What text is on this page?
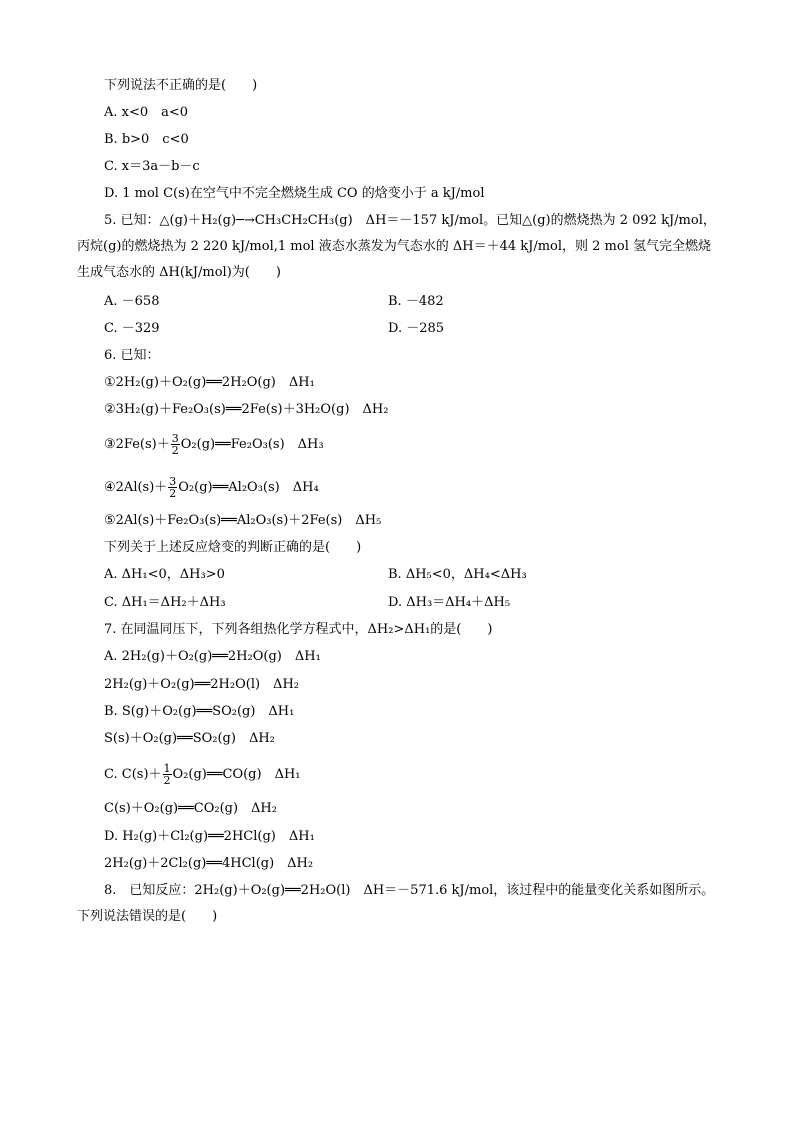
下列说法不正确的是(　　)
A. x<0　a<0
B. b>0　c<0
C. x＝3a－b－c
D. 1 mol C(s)在空气中不完全燃烧生成 CO 的焓变小于 a kJ/mol
5. 已知：△(g)＋H₂(g)─→CH₃CH₂CH₃(g)　ΔH＝－157 kJ/mol。已知△(g)的燃烧热为 2 092 kJ/mol，丙烷(g)的燃烧热为 2 220 kJ/mol,1 mol 液态水蒸发为气态水的 ΔH＝＋44 kJ/mol，则 2 mol 氢气完全燃烧生成气态水的 ΔH(kJ/mol)为(　　)
A. －658	B. －482
C. －329	D. －285
6. 已知：
①2H₂(g)＋O₂(g)══2H₂O(g)　ΔH₁
②3H₂(g)＋Fe₂O₃(s)══2Fe(s)＋3H₂O(g)　ΔH₂
③2Fe(s)＋ $\frac{3}{2}$ O₂(g)══Fe₂O₃(s)　ΔH₃
④2Al(s)＋ $\frac{3}{2}$ O₂(g)══Al₂O₃(s)　ΔH₄
⑤2Al(s)＋Fe₂O₃(s)══Al₂O₃(s)＋2Fe(s)　ΔH₅
下列关于上述反应焓变的判断正确的是(　　)
A. ΔH₁<0，ΔH₃>0	B. ΔH₅<0，ΔH₄<ΔH₃
C. ΔH₁＝ΔH₂＋ΔH₃	D. ΔH₃＝ΔH₄＋ΔH₅
7. 在同温同压下，下列各组热化学方程式中，ΔH₂>ΔH₁的是(　　)
A. 2H₂(g)＋O₂(g)══2H₂O(g)　ΔH₁
2H₂(g)＋O₂(g)══2H₂O(l)　ΔH₂
B. S(g)＋O₂(g)══SO₂(g)　ΔH₁
S(s)＋O₂(g)══SO₂(g)　ΔH₂
C. $C(s)+ \frac{1}{2}$ O₂(g)══CO(g)　ΔH₁
C(s)＋O₂(g)══CO₂(g)　ΔH₂
D. H₂(g)＋Cl₂(g)══2HCl(g)　ΔH₁
2H₂(g)＋2Cl₂(g)══4HCl(g)　ΔH₂
8.　已知反应：2H₂(g)＋O₂(g)══2H₂O(l)　ΔH＝－571.6 kJ/mol，该过程中的能量变化关系如图所示。下列说法错误的是(　　)
